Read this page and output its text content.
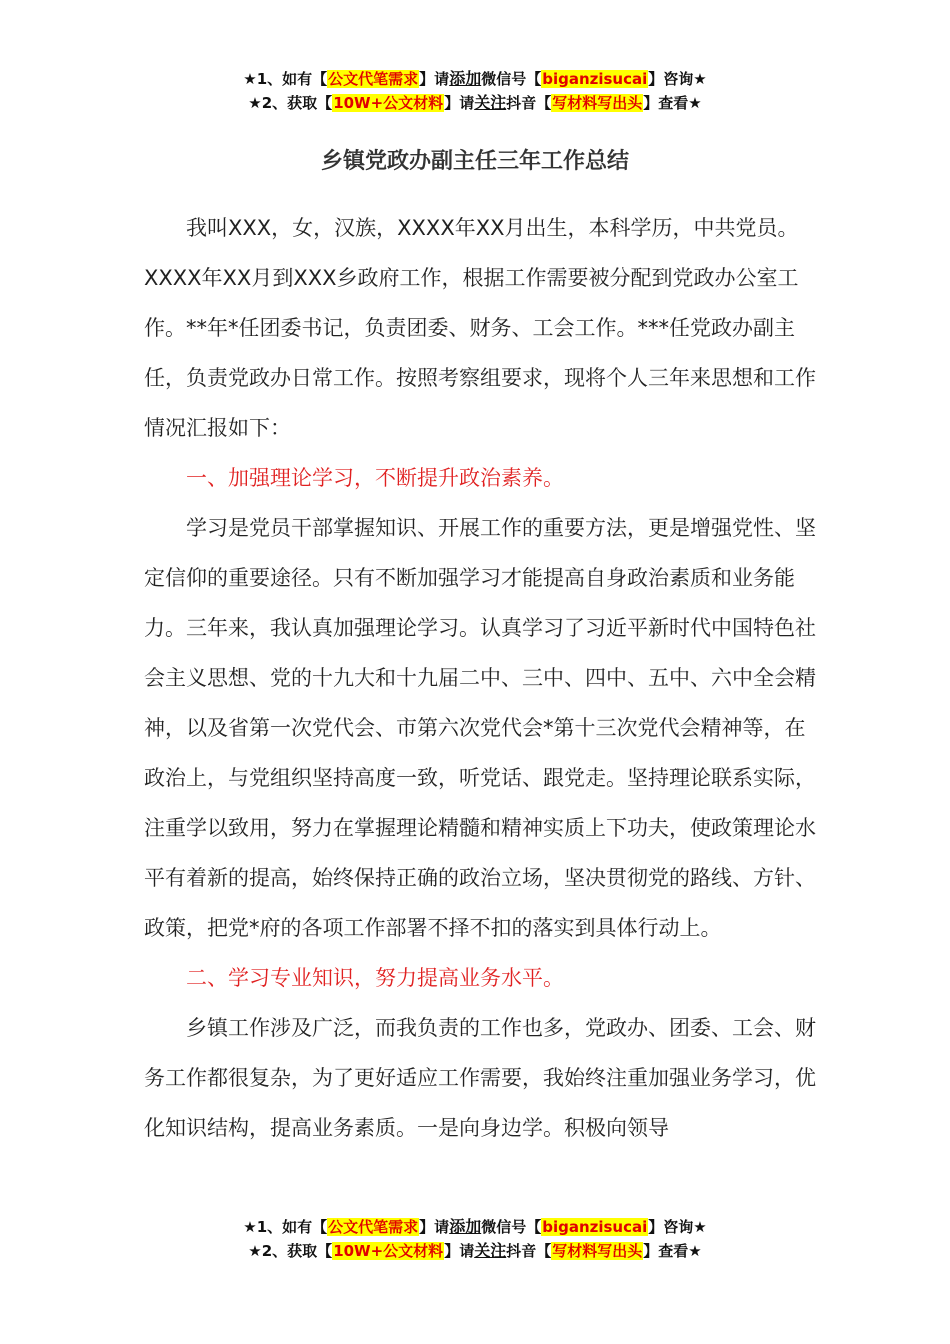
★1、如有【公文代笔需求】请添加微信号【biganzisucai】咨询★
★2、获取【10W+公文材料】请关注抖音【写材料写出头】查看★
乡镇党政办副主任三年工作总结

我叫XXX，女，汉族，XXXX年XX月出生，本科学历，中共党员。XXXX年XX月到XXX乡政府工作，根据工作需要被分配到党政办公室工作。**年*任团委书记，负责团委、财务、工会工作。***任党政办副主任，负责党政办日常工作。按照考察组要求，现将个人三年来思想和工作情况汇报如下：

一、加强理论学习，不断提升政治素养。

学习是党员干部掌握知识、开展工作的重要方法，更是增强党性、坚定信仰的重要途径。只有不断加强学习才能提高自身政治素质和业务能力。三年来，我认真加强理论学习。认真学习了习近平新时代中国特色社会主义思想、党的十九大和十九届二中、三中、四中、五中、六中全会精神，以及省第一次党代会、市第六次党代会*第十三次党代会精神等，在政治上，与党组织坚持高度一致，听党话、跟党走。坚持理论联系实际，注重学以致用，努力在掌握理论精髓和精神实质上下功夫，使政策理论水平有着新的提高，始终保持正确的政治立场，坚决贯彻党的路线、方针、政策，把党*府的各项工作部署不择不扣的落实到具体行动上。

二、学习专业知识，努力提高业务水平。

乡镇工作涉及广泛，而我负责的工作也多，党政办、团委、工会、财务工作都很复杂，为了更好适应工作需要，我始终注重加强业务学习，优化知识结构，提高业务素质。一是向身边学。积极向领导

★1、如有【公文代笔需求】请添加微信号【biganzisucai】咨询★
★2、获取【10W+公文材料】请关注抖音【写材料写出头】查看★
